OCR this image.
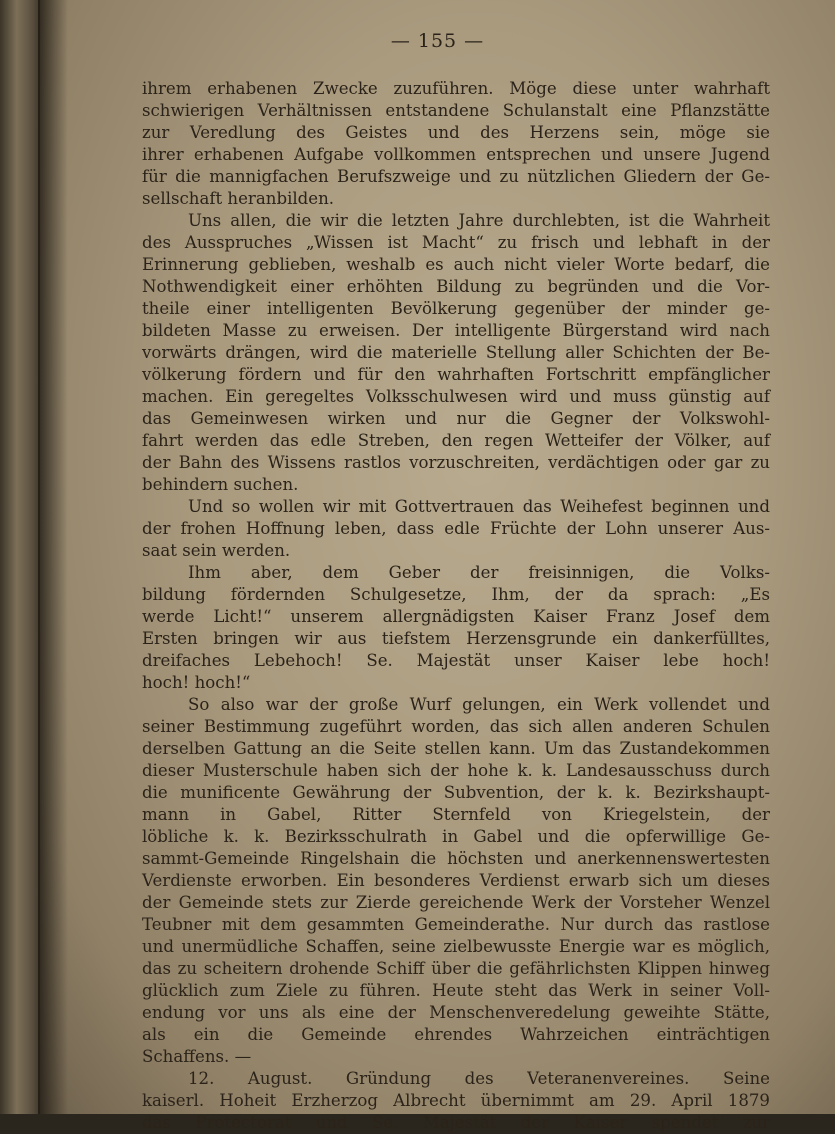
— 155 —
ihrem erhabenen Zwecke zuzuführen. Möge diese unter wahrhaft
schwierigen Verhältnissen entstandene Schulanstalt eine Pflanzstätte
zur Veredlung des Geistes und des Herzens sein, möge sie
ihrer erhabenen Aufgabe vollkommen entsprechen und unsere Jugend
für die mannigfachen Berufszweige und zu nützlichen Gliedern der Ge-
sellschaft heranbilden.
Uns allen, die wir die letzten Jahre durchlebten, ist die Wahrheit
des Ausspruches „Wissen ist Macht“ zu frisch und lebhaft in der
Erinnerung geblieben, weshalb es auch nicht vieler Worte bedarf, die
Nothwendigkeit einer erhöhten Bildung zu begründen und die Vor-
theile einer intelligenten Bevölkerung gegenüber der minder ge-
bildeten Masse zu erweisen. Der intelligente Bürgerstand wird nach
vorwärts drängen, wird die materielle Stellung aller Schichten der Be-
völkerung fördern und für den wahrhaften Fortschritt empfänglicher
machen. Ein geregeltes Volksschulwesen wird und muss günstig auf
das Gemeinwesen wirken und nur die Gegner der Volkswohl-
fahrt werden das edle Streben, den regen Wetteifer der Völker, auf
der Bahn des Wissens rastlos vorzuschreiten, verdächtigen oder gar zu
behindern suchen.
Und so wollen wir mit Gottvertrauen das Weihefest beginnen und
der frohen Hoffnung leben, dass edle Früchte der Lohn unserer Aus-
saat sein werden.
Ihm aber, dem Geber der freisinnigen, die Volks-
bildung fördernden Schulgesetze, Ihm, der da sprach: „Es
werde Licht!“ unserem allergnädigsten Kaiser Franz Josef dem
Ersten bringen wir aus tiefstem Herzensgrunde ein dankerfülltes,
dreifaches Lebehoch! Se. Majestät unser Kaiser lebe hoch!
hoch! hoch!“
So also war der große Wurf gelungen, ein Werk vollendet und
seiner Bestimmung zugeführt worden, das sich allen anderen Schulen
derselben Gattung an die Seite stellen kann. Um das Zustandekommen
dieser Musterschule haben sich der hohe k. k. Landesausschuss durch
die munificente Gewährung der Subvention, der k. k. Bezirkshaupt-
mann in Gabel, Ritter Sternfeld von Kriegelstein, der
löbliche k. k. Bezirksschulrath in Gabel und die opferwillige Ge-
sammt-Gemeinde Ringelshain die höchsten und anerkennenswertesten
Verdienste erworben. Ein besonderes Verdienst erwarb sich um dieses
der Gemeinde stets zur Zierde gereichende Werk der Vorsteher Wenzel
Teubner mit dem gesammten Gemeinderathe. Nur durch das rastlose
und unermüdliche Schaffen, seine zielbewusste Energie war es möglich,
das zu scheitern drohende Schiff über die gefährlichsten Klippen hinweg
glücklich zum Ziele zu führen. Heute steht das Werk in seiner Voll-
endung vor uns als eine der Menschenveredelung geweihte Stätte,
als ein die Gemeinde ehrendes Wahrzeichen einträchtigen
Schaffens. —
12. August. Gründung des Veteranenvereines. Seine
kaiserl. Hoheit Erzherzog Albrecht übernimmt am 29. April 1879
das Protectorat und Se. Majestät der Kaiser spendet zur
